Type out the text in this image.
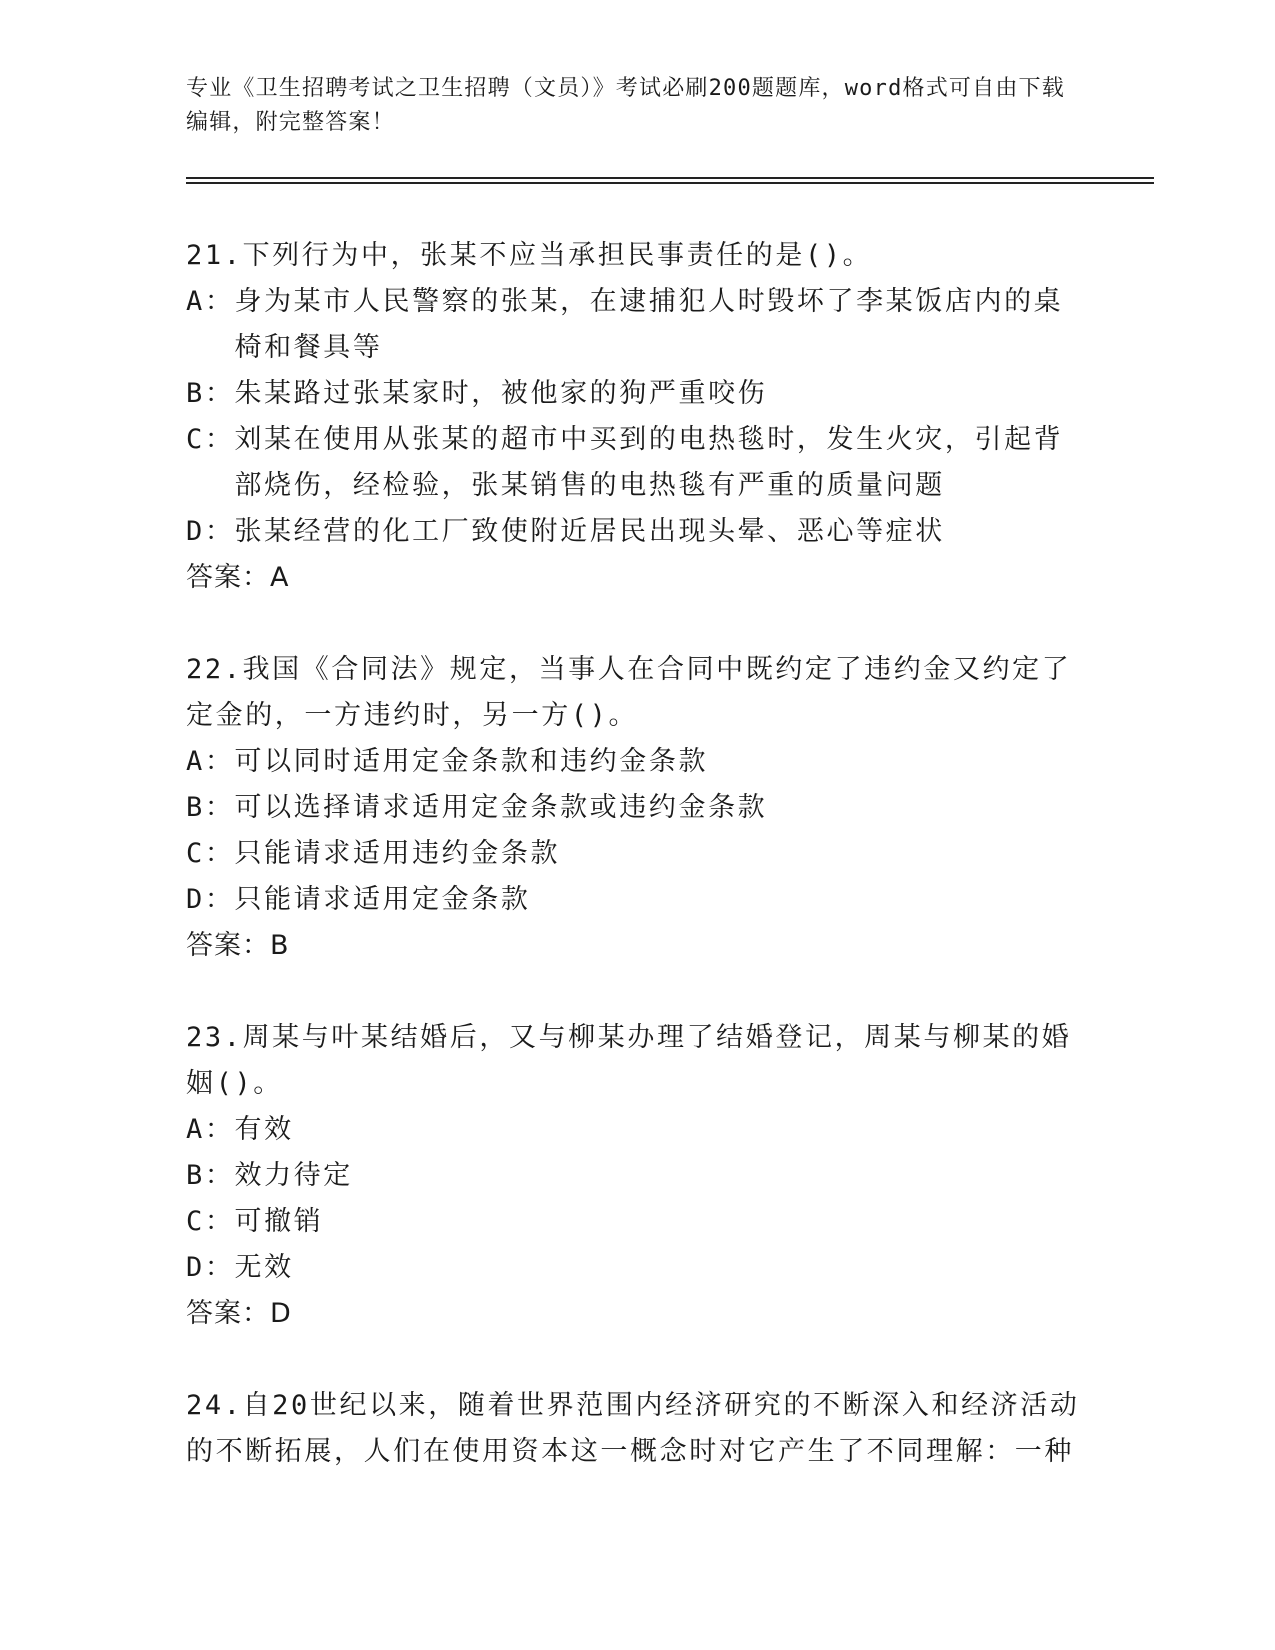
专业《卫生招聘考试之卫生招聘（文员）》考试必刷200题题库，word格式可自由下载编辑，附完整答案！
21.下列行为中，张某不应当承担民事责任的是()。
A： 身为某市人民警察的张某，在逮捕犯人时毁坏了李某饭店内的桌椅和餐具等
B： 朱某路过张某家时，被他家的狗严重咬伤
C： 刘某在使用从张某的超市中买到的电热毯时，发生火灾，引起背部烧伤，经检验，张某销售的电热毯有严重的质量问题
D： 张某经营的化工厂致使附近居民出现头晕、恶心等症状
答案：A
22.我国《合同法》规定，当事人在合同中既约定了违约金又约定了定金的，一方违约时，另一方()。
A： 可以同时适用定金条款和违约金条款
B： 可以选择请求适用定金条款或违约金条款
C： 只能请求适用违约金条款
D： 只能请求适用定金条款
答案：B
23.周某与叶某结婚后，又与柳某办理了结婚登记，周某与柳某的婚姻()。
A： 有效
B： 效力待定
C： 可撤销
D： 无效
答案：D
24.自20世纪以来，随着世界范围内经济研究的不断深入和经济活动的不断拓展，人们在使用资本这一概念时对它产生了不同理解：一种
